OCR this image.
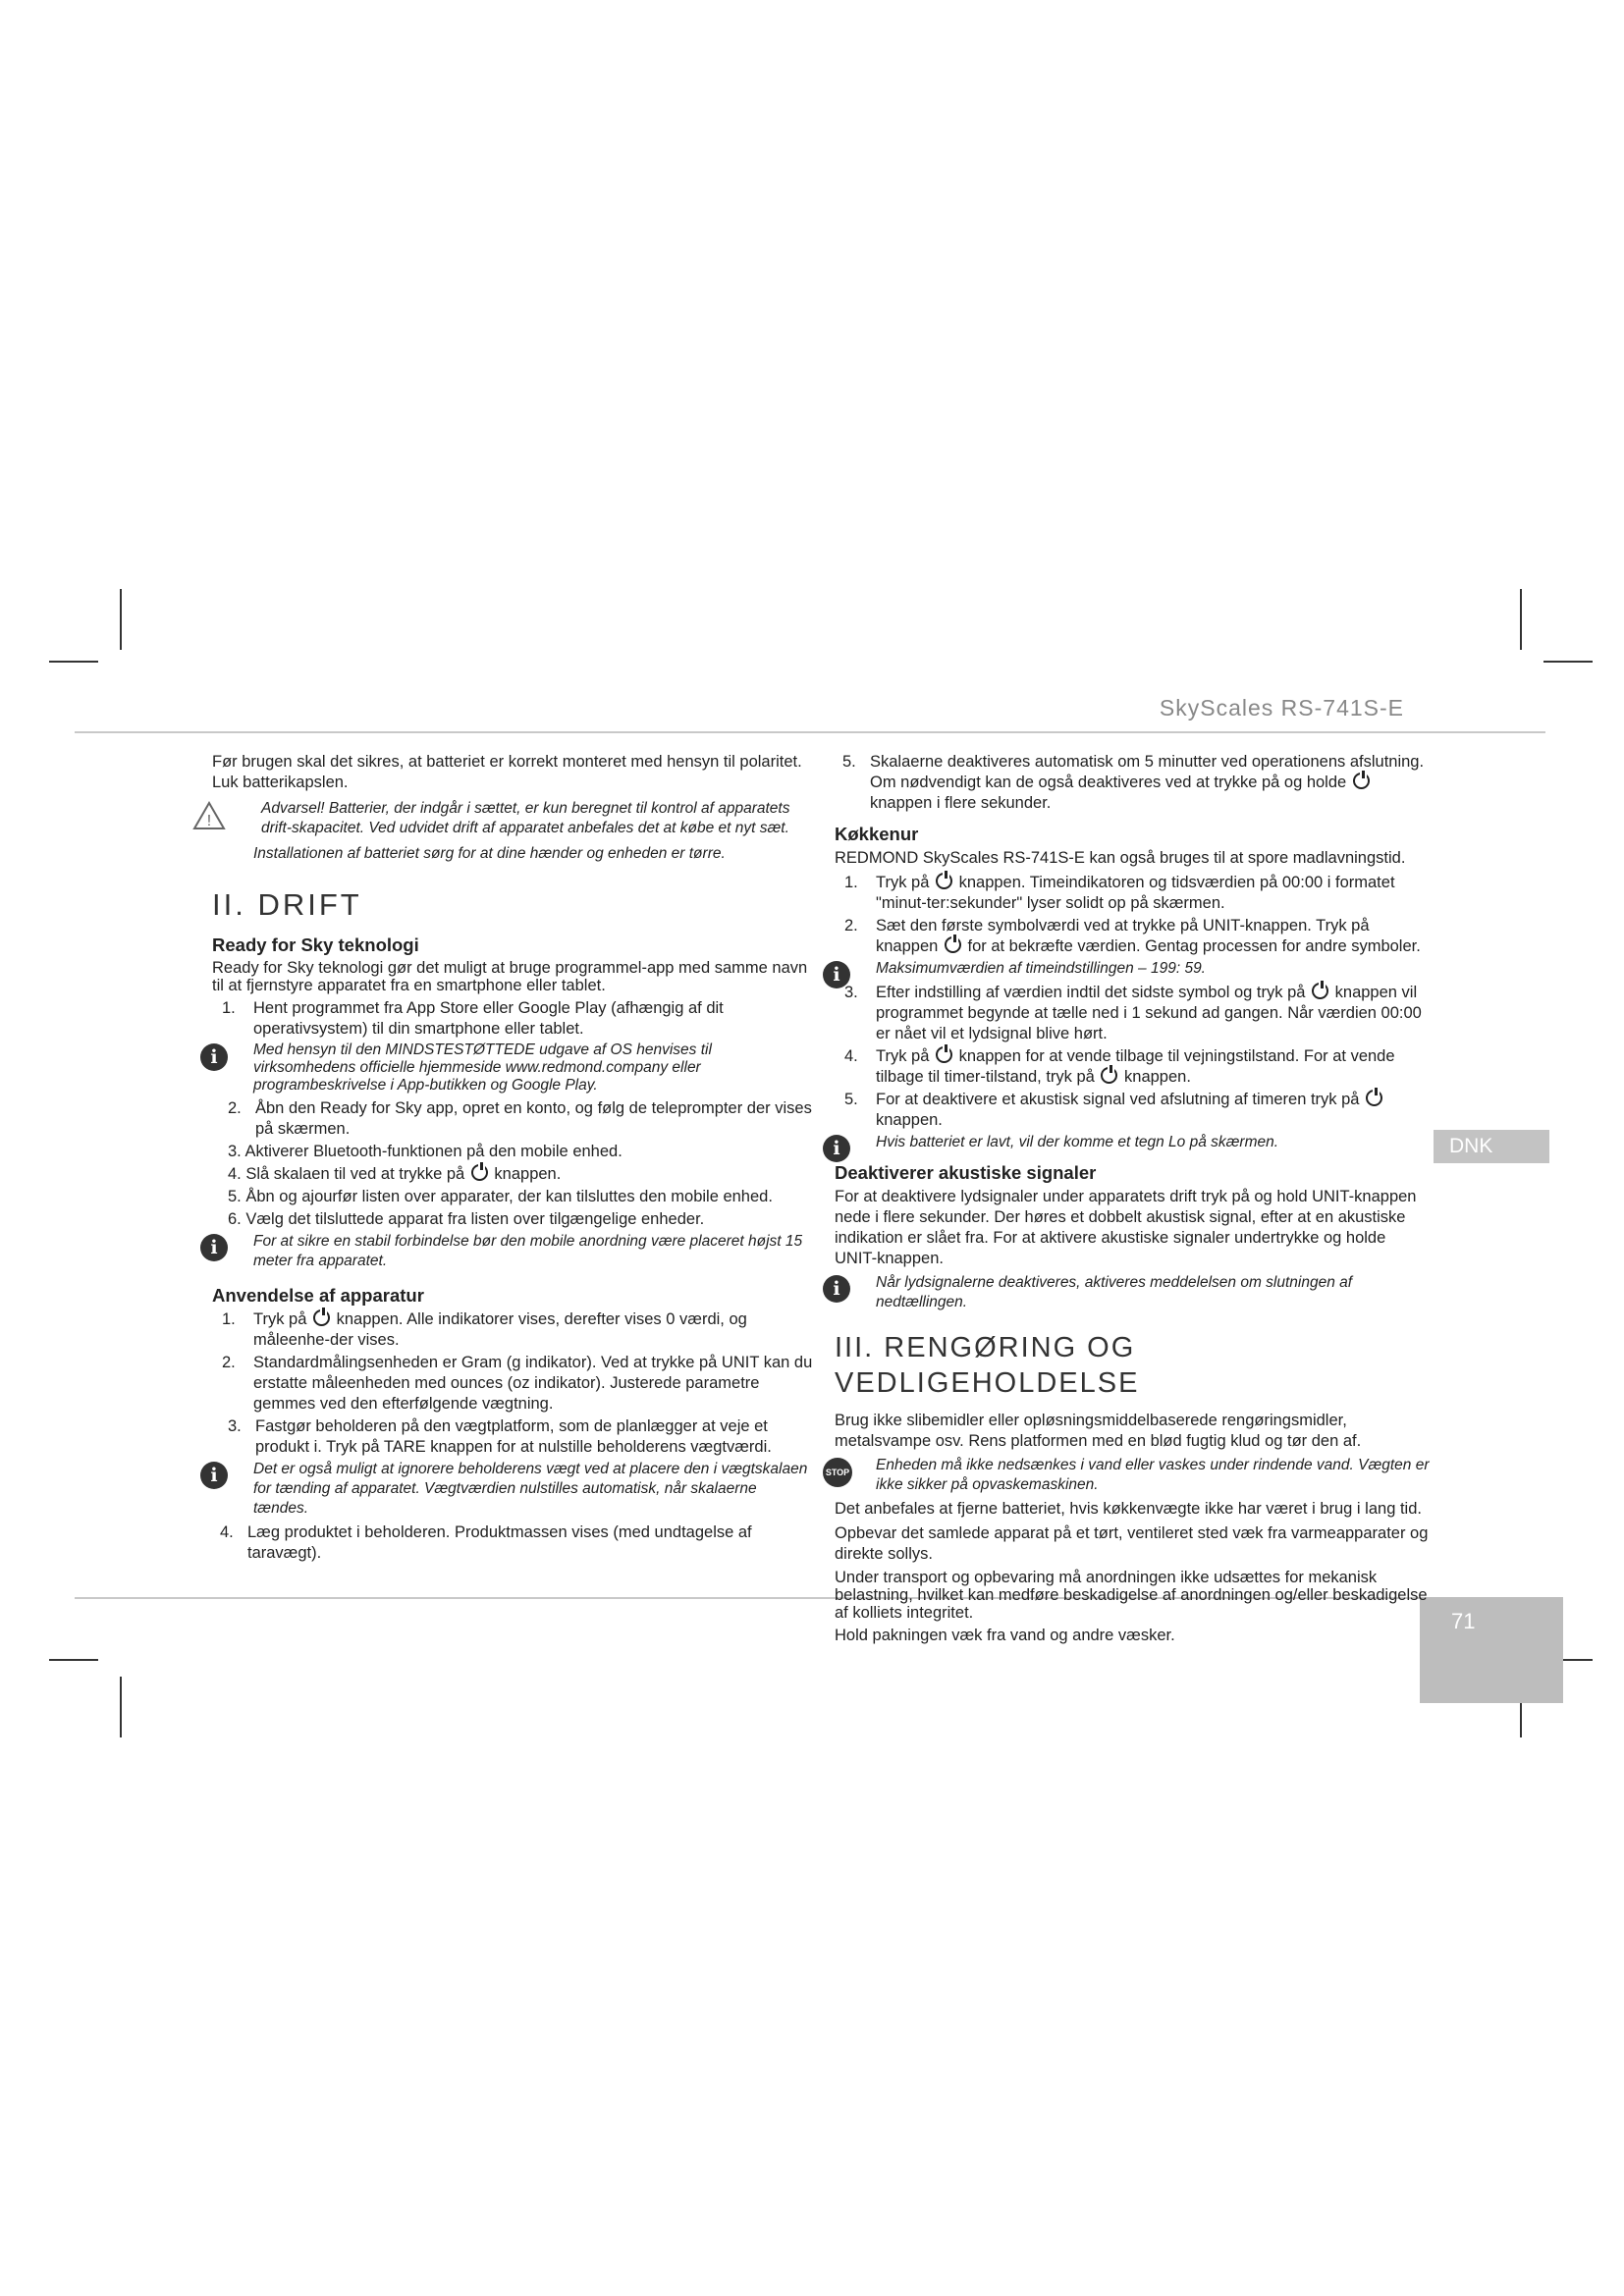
SkyScales RS-741S-E
DNK
71

Før brugen skal det sikres, at batteriet er korrekt monteret med hensyn til polaritet. Luk batterikapslen.

!
Advarsel! Batterier, der indgår i sættet, er kun beregnet til kontrol af apparatets drift-skapacitet. Ved udvidet drift af apparatet anbefales det at købe et nyt sæt.

Installationen af batteriet sørg for at dine hænder og enheden er tørre.

II. DRIFT
Ready for Sky teknologi

Ready for Sky teknologi gør det muligt at bruge programmel-app med samme navn til at fjernstyre apparatet fra en smartphone eller tablet.

1. Hent programmet fra App Store eller Google Play (afhængig af dit operativsystem) til din smartphone eller tablet.
i	Med hensyn til den MINDSTESTØTTEDE udgave af OS henvises til virksomhedens officielle hjemmeside www.redmond.company eller programbeskrivelse i App-butikken og Google Play.
2. Åbn den Ready for Sky app, opret en konto, og følg de teleprompter der vises på skærmen.
3. Aktiverer Bluetooth-funktionen på den mobile enhed.
4. Slå skalaen til ved at trykke på knappen.
5. Åbn og ajourfør listen over apparater, der kan tilsluttes den mobile enhed.
6. Vælg det tilsluttede apparat fra listen over tilgængelige enheder.
i	For at sikre en stabil forbindelse bør den mobile anordning være placeret højst 15 meter fra apparatet.
Anvendelse af apparatur
1. Tryk på knappen. Alle indikatorer vises, derefter vises 0 værdi, og måleenhe-der vises.
2. Standardmålingsenheden er Gram (g indikator). Ved at trykke på UNIT kan du erstatte måleenheden med ounces (oz indikator). Justerede parametre gemmes ved den efterfølgende vægtning.
3. Fastgør beholderen på den vægtplatform, som de planlægger at veje et produkt i. Tryk på TARE knappen for at nulstille beholderens vægtværdi.
i	Det er også muligt at ignorere beholderens vægt ved at placere den i vægtskalaen for tænding af apparatet. Vægtværdien nulstilles automatisk, når skalaerne tændes.
4. Læg produktet i beholderen. Produktmassen vises (med undtagelse af taravægt).
5. Skalaerne deaktiveres automatisk om 5 minutter ved operationens afslutning. Om nødvendigt kan de også deaktiveres ved at trykke på og holde  knappen i flere sekunder.
Køkkenur

REDMOND SkyScales RS-741S-E kan også bruges til at spore madlavningstid.

1. Tryk på knappen. Timeindikatoren og tidsværdien på 00:00 i formatet "minut-ter:sekunder" lyser solidt op på skærmen.
2. Sæt den første symbolværdi ved at trykke på UNIT-knappen. Tryk på knappen for at bekræfte værdien. Gentag processen for andre symboler.
i	Maksimumværdien af timeindstillingen – 199: 59.
3. Efter indstilling af værdien indtil det sidste symbol og tryk på knappen vil programmet begynde at tælle ned i 1 sekund ad gangen. Når værdien 00:00 er nået vil et lydsignal blive hørt.
4. Tryk på knappen for at vende tilbage til vejningstilstand. For at vende tilbage til timer-tilstand, tryk på knappen.
5. For at deaktivere et akustisk signal ved afslutning af timeren tryk på  knappen.
i	Hvis batteriet er lavt, vil der komme et tegn Lo på skærmen.
Deaktiverer akustiske signaler

For at deaktivere lydsignaler under apparatets drift tryk på og hold UNIT-knappen nede i flere sekunder. Der høres et dobbelt akustisk signal, efter at en akustiske indikation er slået fra. For at aktivere akustiske signaler undertrykke og holde UNIT-knappen.

i	Når lydsignalerne deaktiveres, aktiveres meddelelsen om slutningen af nedtællingen.
III. RENGØRING OG VEDLIGEHOLDELSE

Brug ikke slibemidler eller opløsningsmiddelbaserede rengøringsmidler, metalsvampe osv. Rens platformen med en blød fugtig klud og tør den af.

STOP	Enheden må ikke nedsænkes i vand eller vaskes under rindende vand. Vægten er ikke sikker på opvaskemaskinen.

Det anbefales at fjerne batteriet, hvis køkkenvægte ikke har været i brug i lang tid.

Opbevar det samlede apparat på et tørt, ventileret sted væk fra varmeapparater og direkte sollys.

Under transport og opbevaring må anordningen ikke udsættes for mekanisk belastning, hvilket kan medføre beskadigelse af anordningen og/eller beskadigelse af kolliets integritet.

Hold pakningen væk fra vand og andre væsker.
